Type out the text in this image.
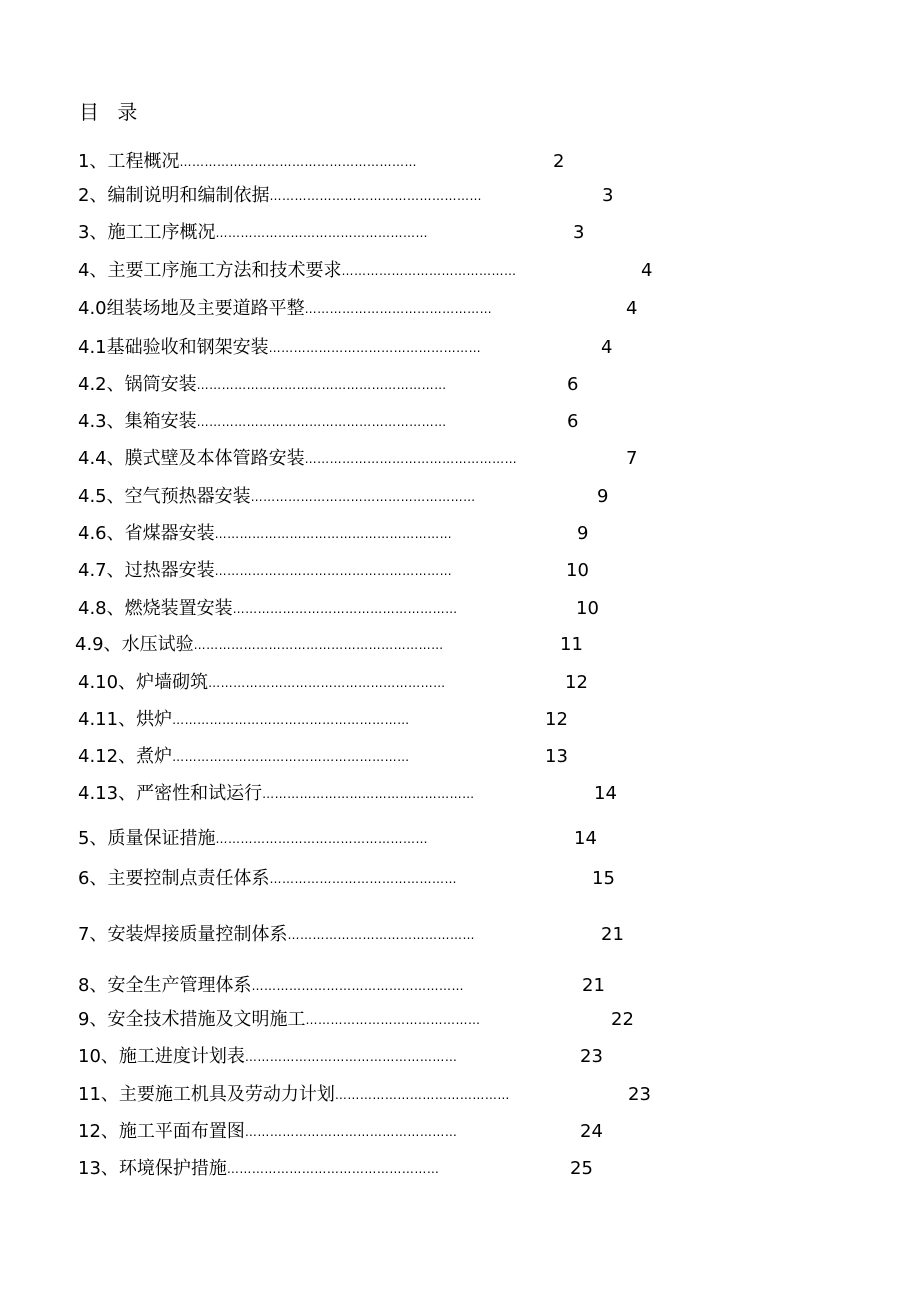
目 录
1、工程概况…………………………………………………	2
2、编制说明和编制依据……………………………………………	3
3、施工工序概况……………………………………………	3
4、主要工序施工方法和技术要求……………………………………	4
4.0组装场地及主要道路平整………………………………………	4
4.1基础验收和钢架安装……………………………………………	4
4.2、锅筒安装……………………………………………………	6
4.3、集箱安装……………………………………………………	6
4.4、膜式壁及本体管路安装……………………………………………	7
4.5、空气预热器安装………………………………………………	9
4.6、省煤器安装…………………………………………………	9
4.7、过热器安装…………………………………………………	10
4.8、燃烧装置安装………………………………………………	10
4.9、水压试验……………………………………………………	11
4.10、炉墙砌筑…………………………………………………	12
4.11、烘炉…………………………………………………	12
4.12、煮炉…………………………………………………	13
4.13、严密性和试运行……………………………………………	14
5、质量保证措施……………………………………………	14
6、主要控制点责任体系………………………………………	15
7、安装焊接质量控制体系………………………………………	21
8、安全生产管理体系……………………………………………	21
9、安全技术措施及文明施工……………………………………	22
10、施工进度计划表……………………………………………	23
11、主要施工机具及劳动力计划……………………………………	23
12、施工平面布置图……………………………………………	24
13、环境保护措施……………………………………………	25
